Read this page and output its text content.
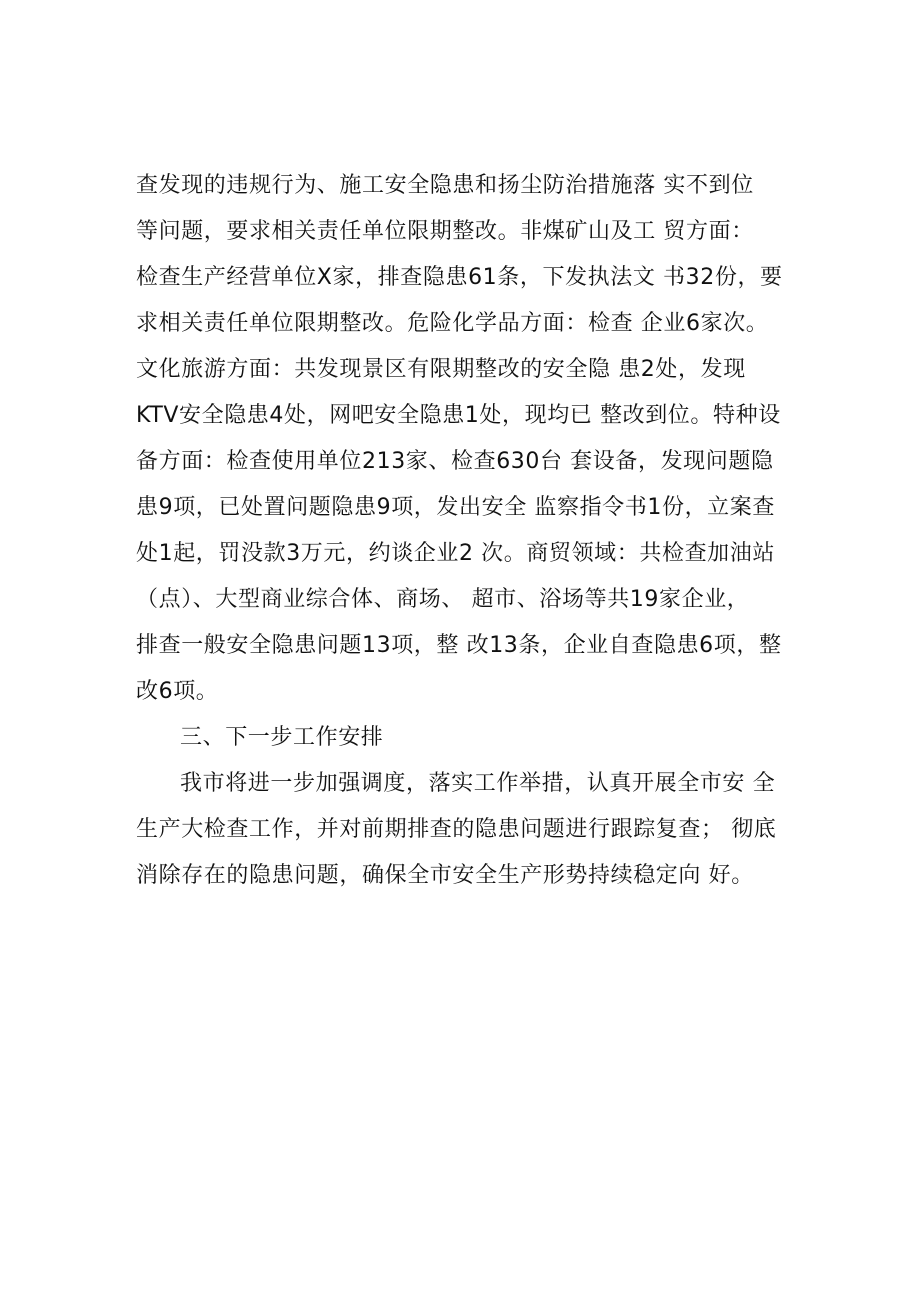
查发现的违规行为、施工安全隐患和扬尘防治措施落 实不到位
等问题，要求相关责任单位限期整改。非煤矿山及工 贸方面：
检查生产经营单位X家，排查隐患61条，下发执法文 书32份，要
求相关责任单位限期整改。危险化学品方面：检查 企业6家次。
文化旅游方面：共发现景区有限期整改的安全隐 患2处，发现
KTV安全隐患4处，网吧安全隐患1处，现均已 整改到位。特种设
备方面：检查使用单位213家、检查630台 套设备，发现问题隐
患9项，已处置问题隐患9项，发出安全 监察指令书1份，立案查
处1起，罚没款3万元，约谈企业2 次。商贸领域：共检查加油站
（点）、大型商业综合体、商场、 超市、浴场等共19家企业，
排查一般安全隐患问题13项，整 改13条，企业自查隐患6项，整
改6项。
三、下一步工作安排
我市将进一步加强调度，落实工作举措，认真开展全市安 全
生产大检查工作，并对前期排查的隐患问题进行跟踪复查； 彻底
消除存在的隐患问题，确保全市安全生产形势持续稳定向 好。
